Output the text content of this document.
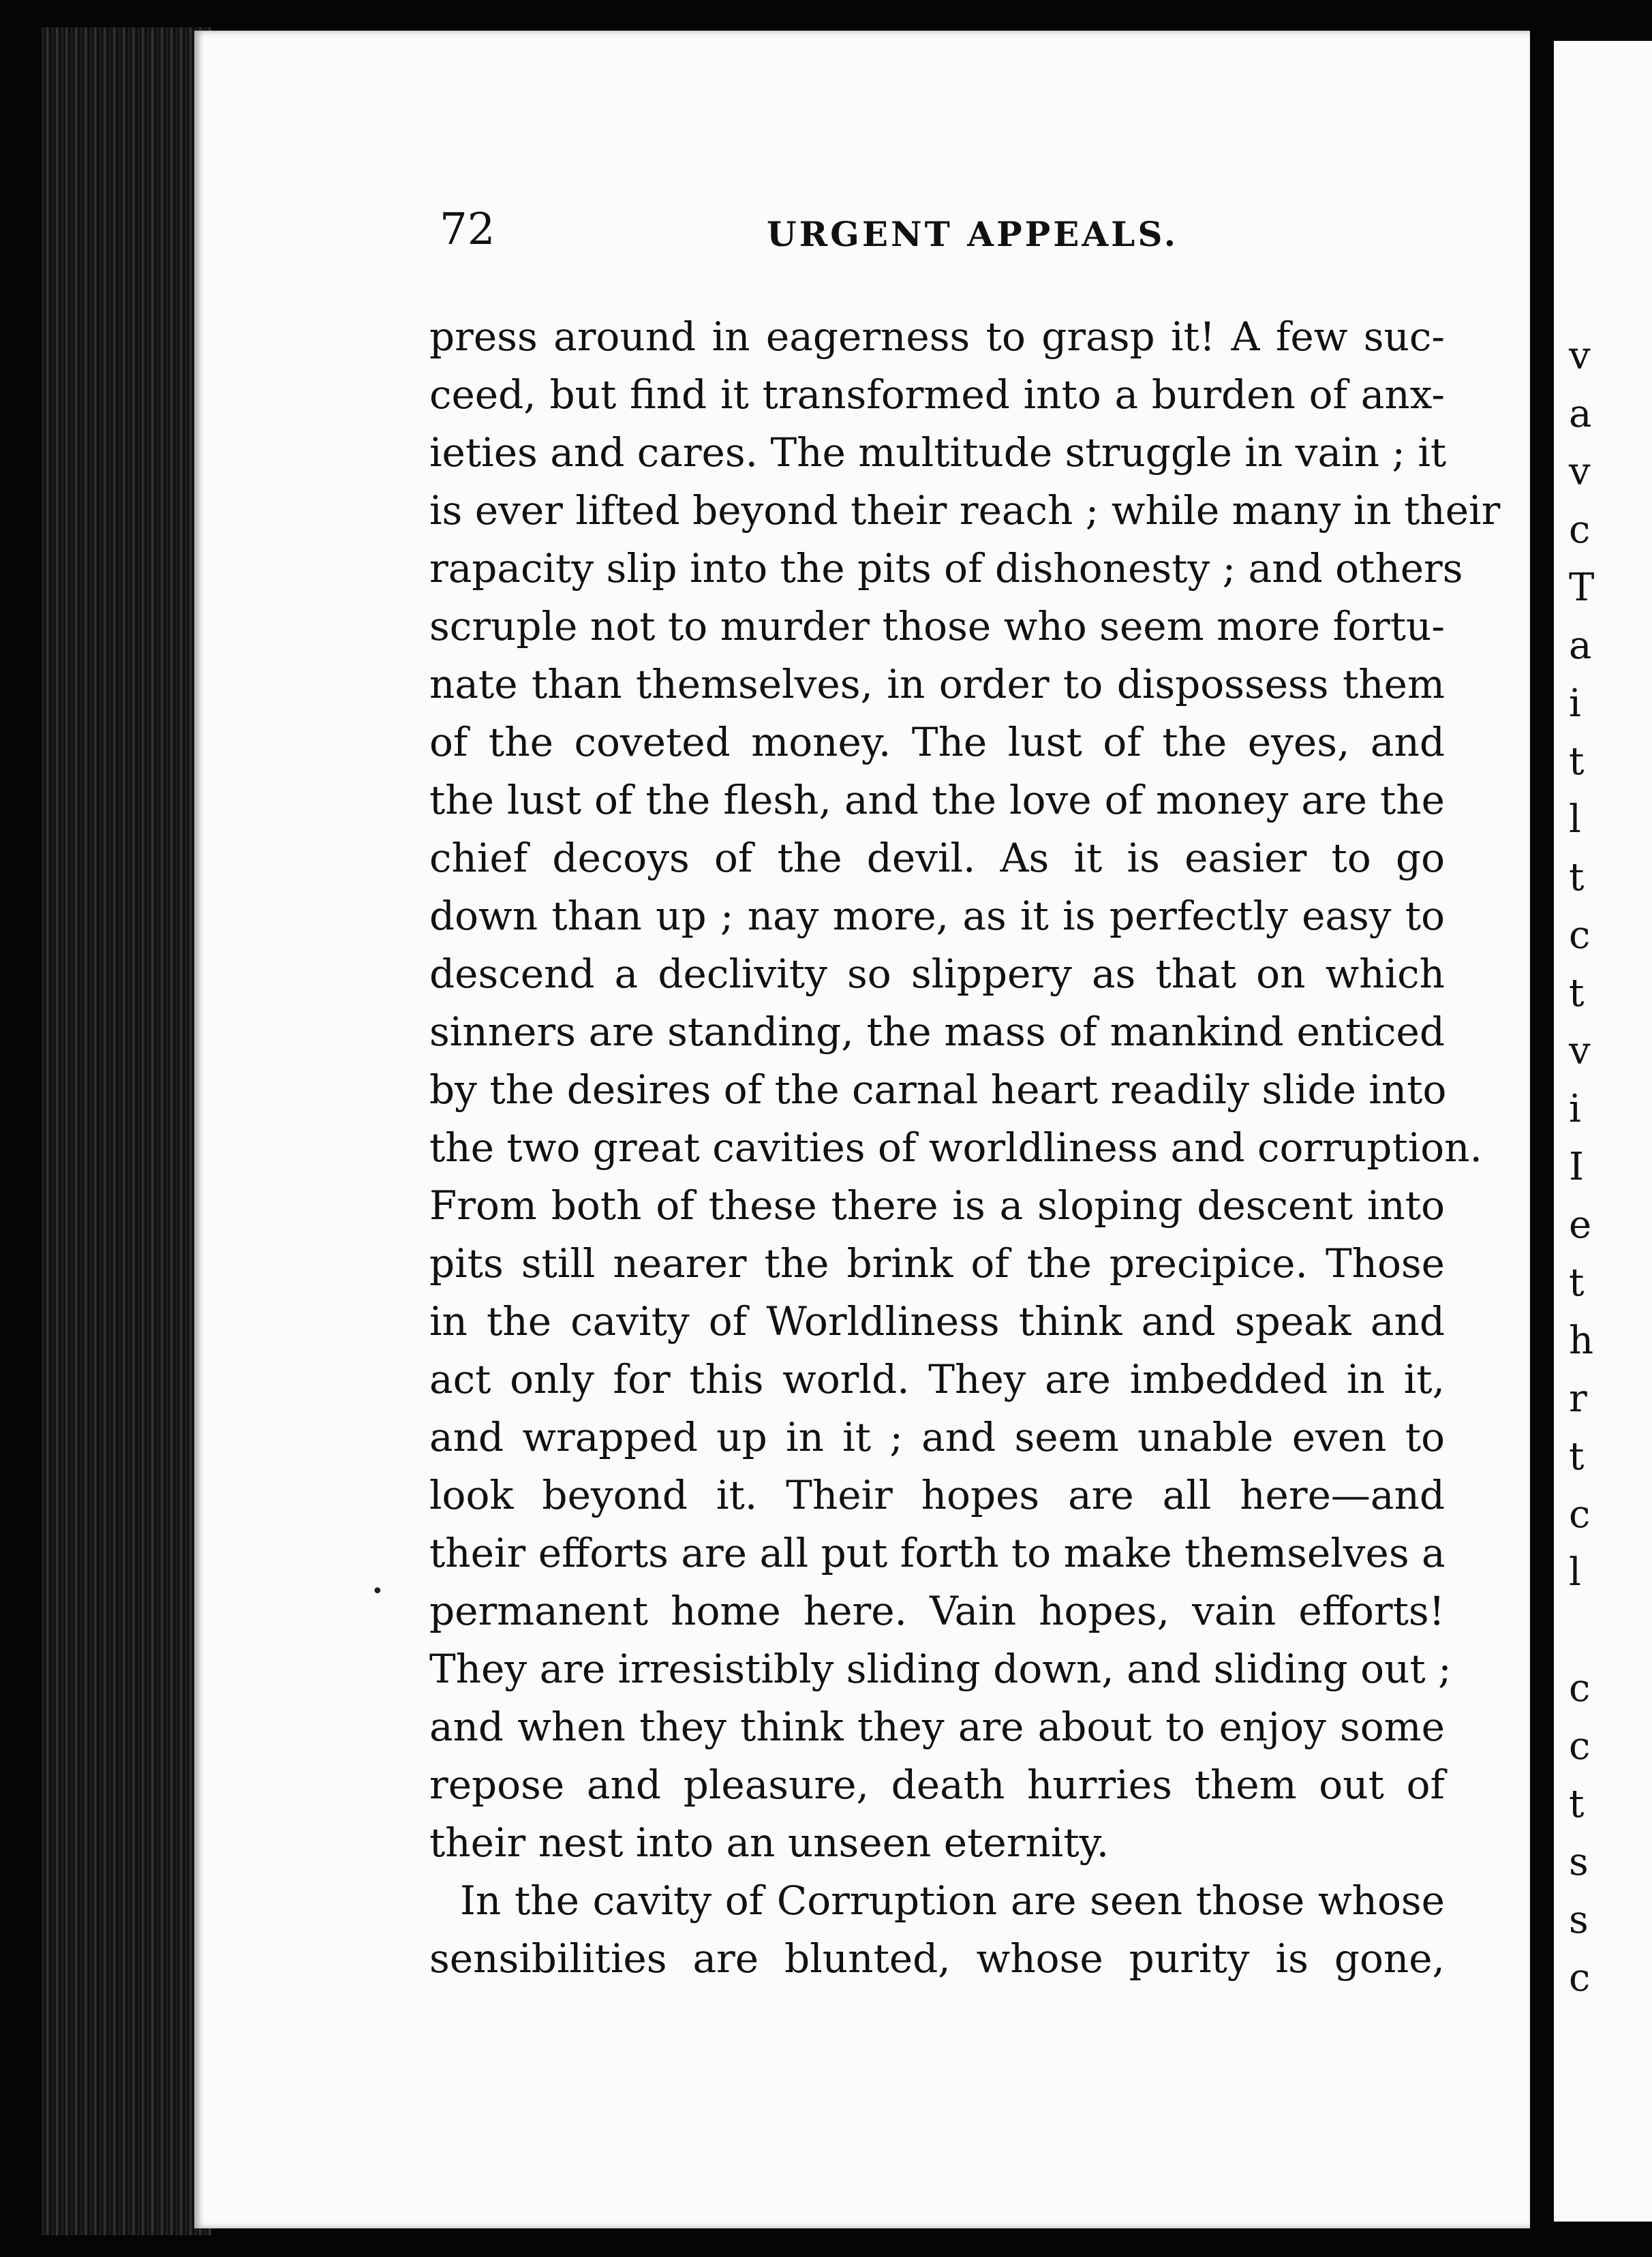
72	URGENT APPEALS.
•
press around in eagerness to grasp it! A few suc-
ceed, but find it transformed into a burden of anx-
ieties and cares. The multitude struggle in vain ; it
is ever lifted beyond their reach ; while many in their
rapacity slip into the pits of dishonesty ; and others
scruple not to murder those who seem more fortu-
nate than themselves, in order to dispossess them
of the coveted money. The lust of the eyes, and
the lust of the flesh, and the love of money are the
chief decoys of the devil. As it is easier to go
down than up ; nay more, as it is perfectly easy to
descend a declivity so slippery as that on which
sinners are standing, the mass of mankind enticed
by the desires of the carnal heart readily slide into
the two great cavities of worldliness and corruption.
From both of these there is a sloping descent into
pits still nearer the brink of the precipice. Those
in the cavity of Worldliness think and speak and
act only for this world. They are imbedded in it,
and wrapped up in it ; and seem unable even to
look beyond it. Their hopes are all here—and
their efforts are all put forth to make themselves a
permanent home here. Vain hopes, vain efforts!
They are irresistibly sliding down, and sliding out ;
and when they think they are about to enjoy some
repose and pleasure, death hurries them out of
their nest into an unseen eternity.
In the cavity of Corruption are seen those whose
sensibilities are blunted, whose purity is gone,
v
a
v
c
T
a
i
t
l
t
c
t
v
i
I
e
t
h
r
t
c
l
c
c
t
s
s
c
